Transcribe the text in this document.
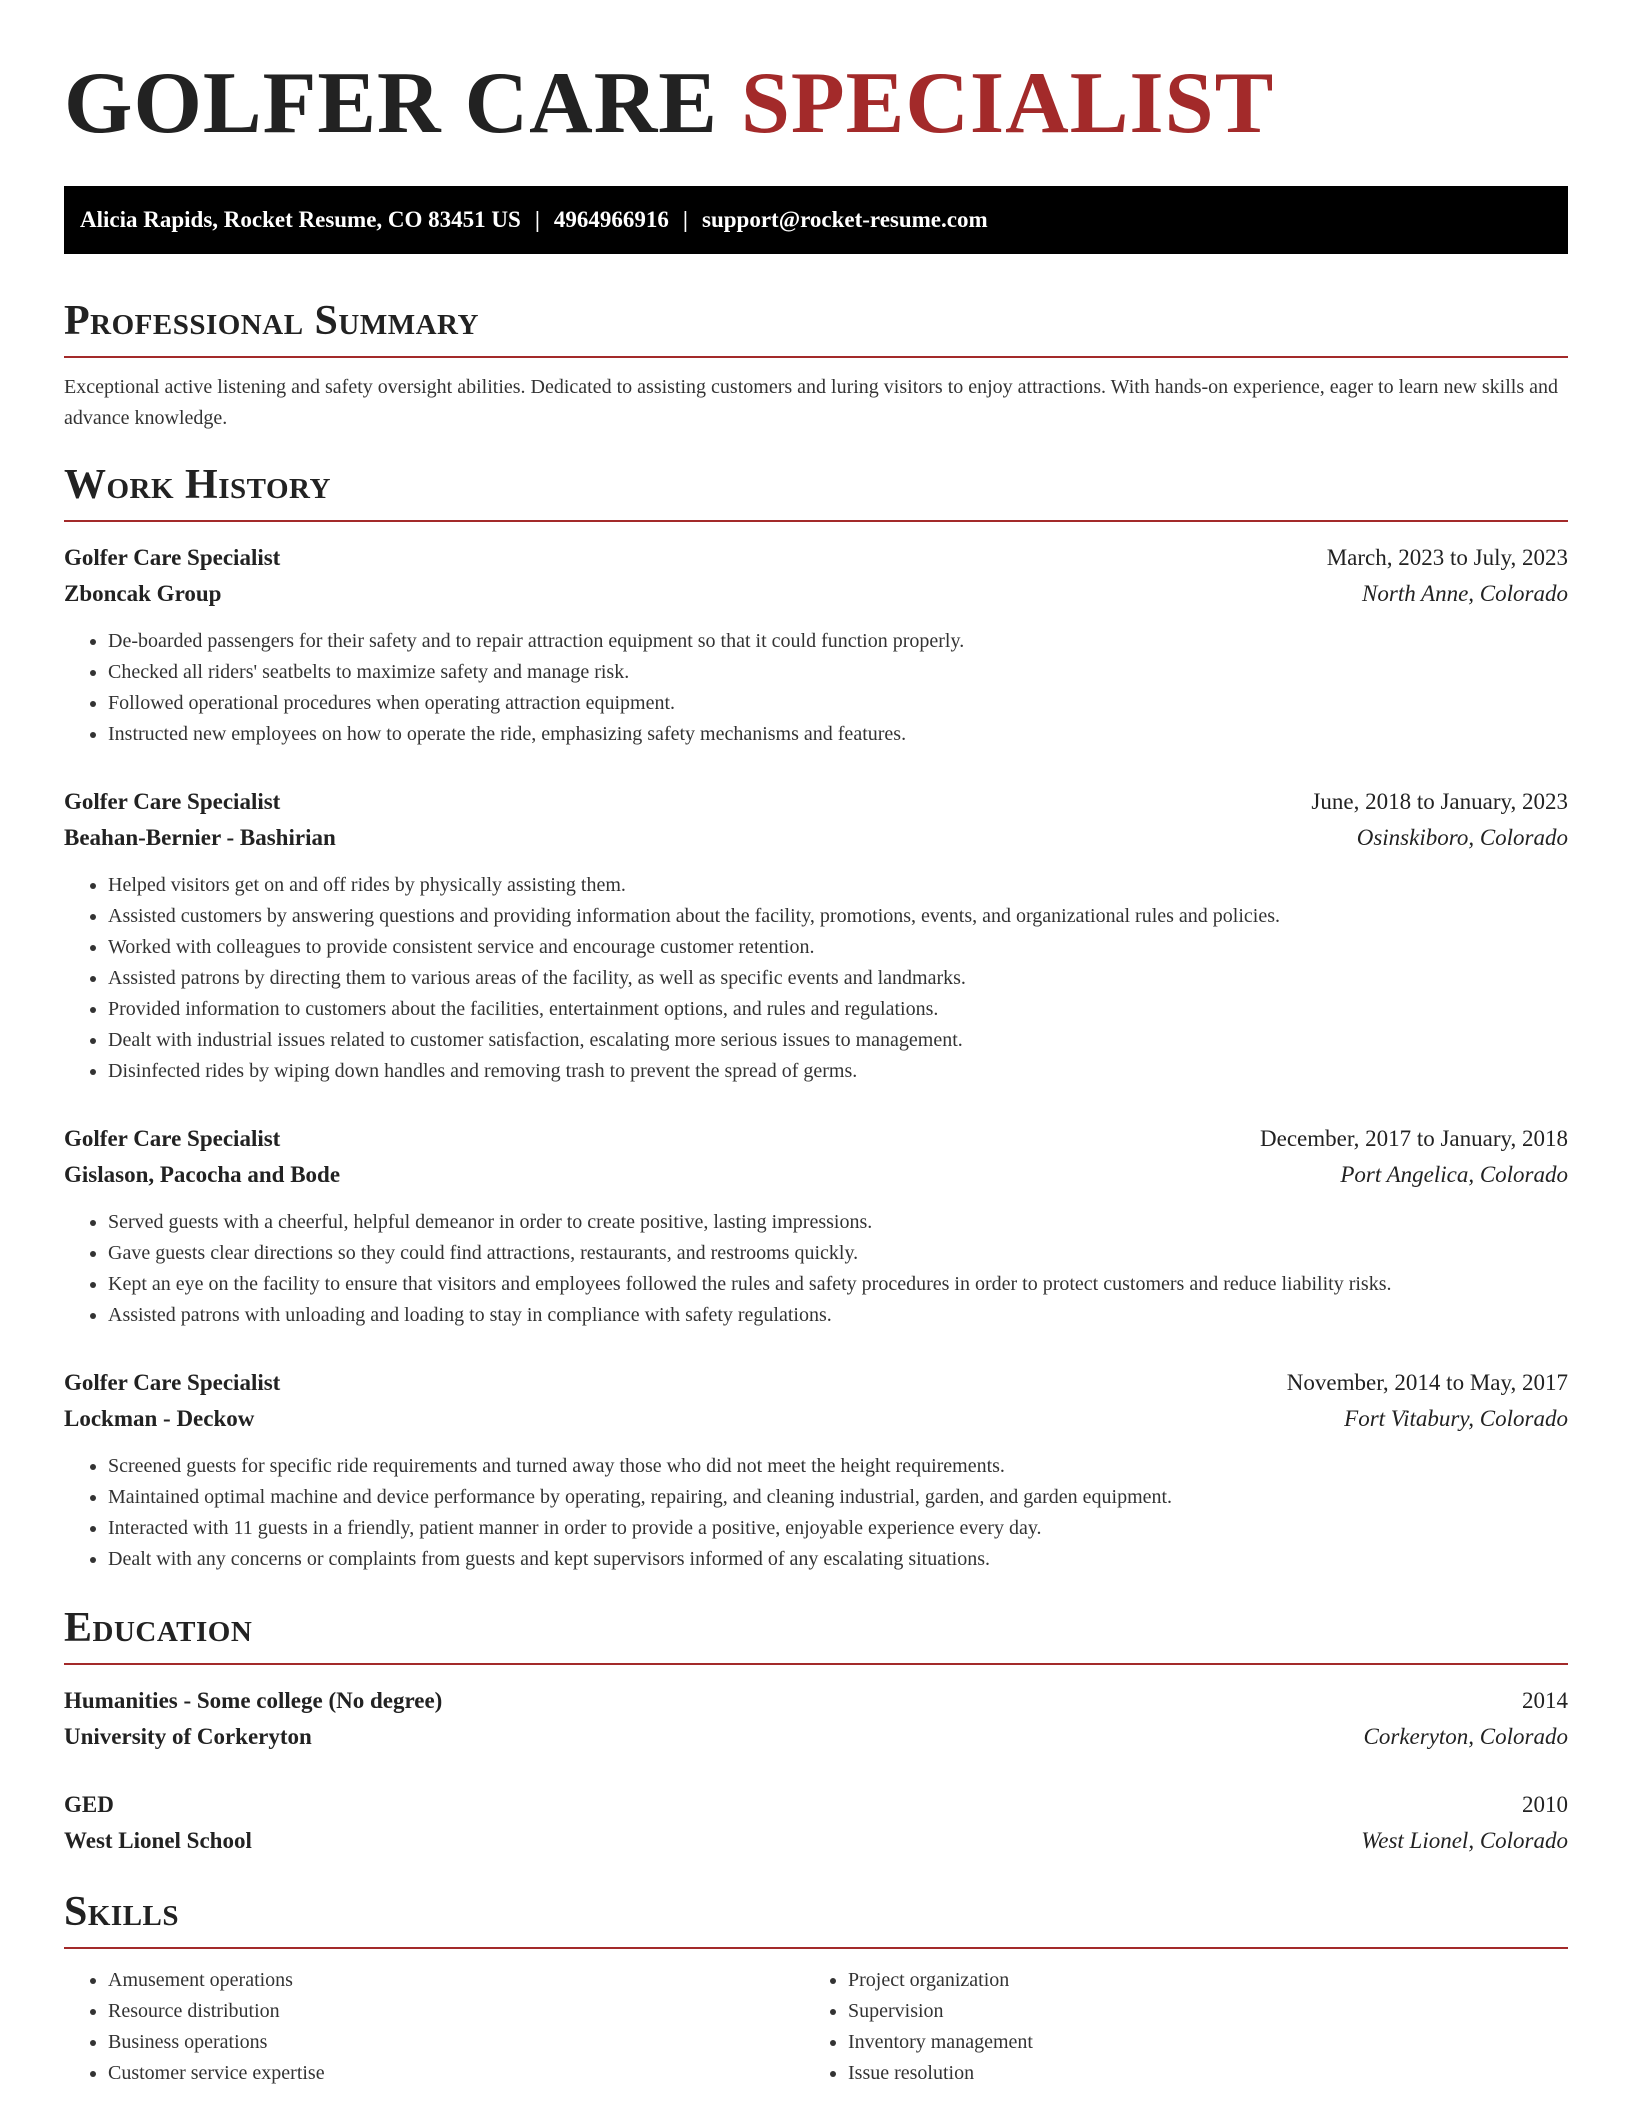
GOLFER CARE SPECIALIST
Alicia Rapids, Rocket Resume, CO 83451 US | 4964966916 | support@rocket-resume.com
Professional Summary

Exceptional active listening and safety oversight abilities. Dedicated to assisting customers and luring visitors to enjoy attractions. With hands-on experience, eager to learn new skills and advance knowledge.

Work History
Golfer Care Specialist	March, 2023 to July, 2023
Zboncak Group	North Anne, Colorado
• De-boarded passengers for their safety and to repair attraction equipment so that it could function properly.
• Checked all riders' seatbelts to maximize safety and manage risk.
• Followed operational procedures when operating attraction equipment.
• Instructed new employees on how to operate the ride, emphasizing safety mechanisms and features.
Golfer Care Specialist	June, 2018 to January, 2023
Beahan-Bernier - Bashirian	Osinskiboro, Colorado
• Helped visitors get on and off rides by physically assisting them.
• Assisted customers by answering questions and providing information about the facility, promotions, events, and organizational rules and policies.
• Worked with colleagues to provide consistent service and encourage customer retention.
• Assisted patrons by directing them to various areas of the facility, as well as specific events and landmarks.
• Provided information to customers about the facilities, entertainment options, and rules and regulations.
• Dealt with industrial issues related to customer satisfaction, escalating more serious issues to management.
• Disinfected rides by wiping down handles and removing trash to prevent the spread of germs.
Golfer Care Specialist	December, 2017 to January, 2018
Gislason, Pacocha and Bode	Port Angelica, Colorado
• Served guests with a cheerful, helpful demeanor in order to create positive, lasting impressions.
• Gave guests clear directions so they could find attractions, restaurants, and restrooms quickly.
• Kept an eye on the facility to ensure that visitors and employees followed the rules and safety procedures in order to protect customers and reduce liability risks.
• Assisted patrons with unloading and loading to stay in compliance with safety regulations.
Golfer Care Specialist	November, 2014 to May, 2017
Lockman - Deckow	Fort Vitabury, Colorado
• Screened guests for specific ride requirements and turned away those who did not meet the height requirements.
• Maintained optimal machine and device performance by operating, repairing, and cleaning industrial, garden, and garden equipment.
• Interacted with 11 guests in a friendly, patient manner in order to provide a positive, enjoyable experience every day.
• Dealt with any concerns or complaints from guests and kept supervisors informed of any escalating situations.
Education
Humanities - Some college (No degree)	2014
University of Corkeryton	Corkeryton, Colorado
GED	2010
West Lionel School	West Lionel, Colorado
Skills
• Amusement operations
• Resource distribution
• Business operations
• Customer service expertise
• Project organization
• Supervision
• Inventory management
• Issue resolution
